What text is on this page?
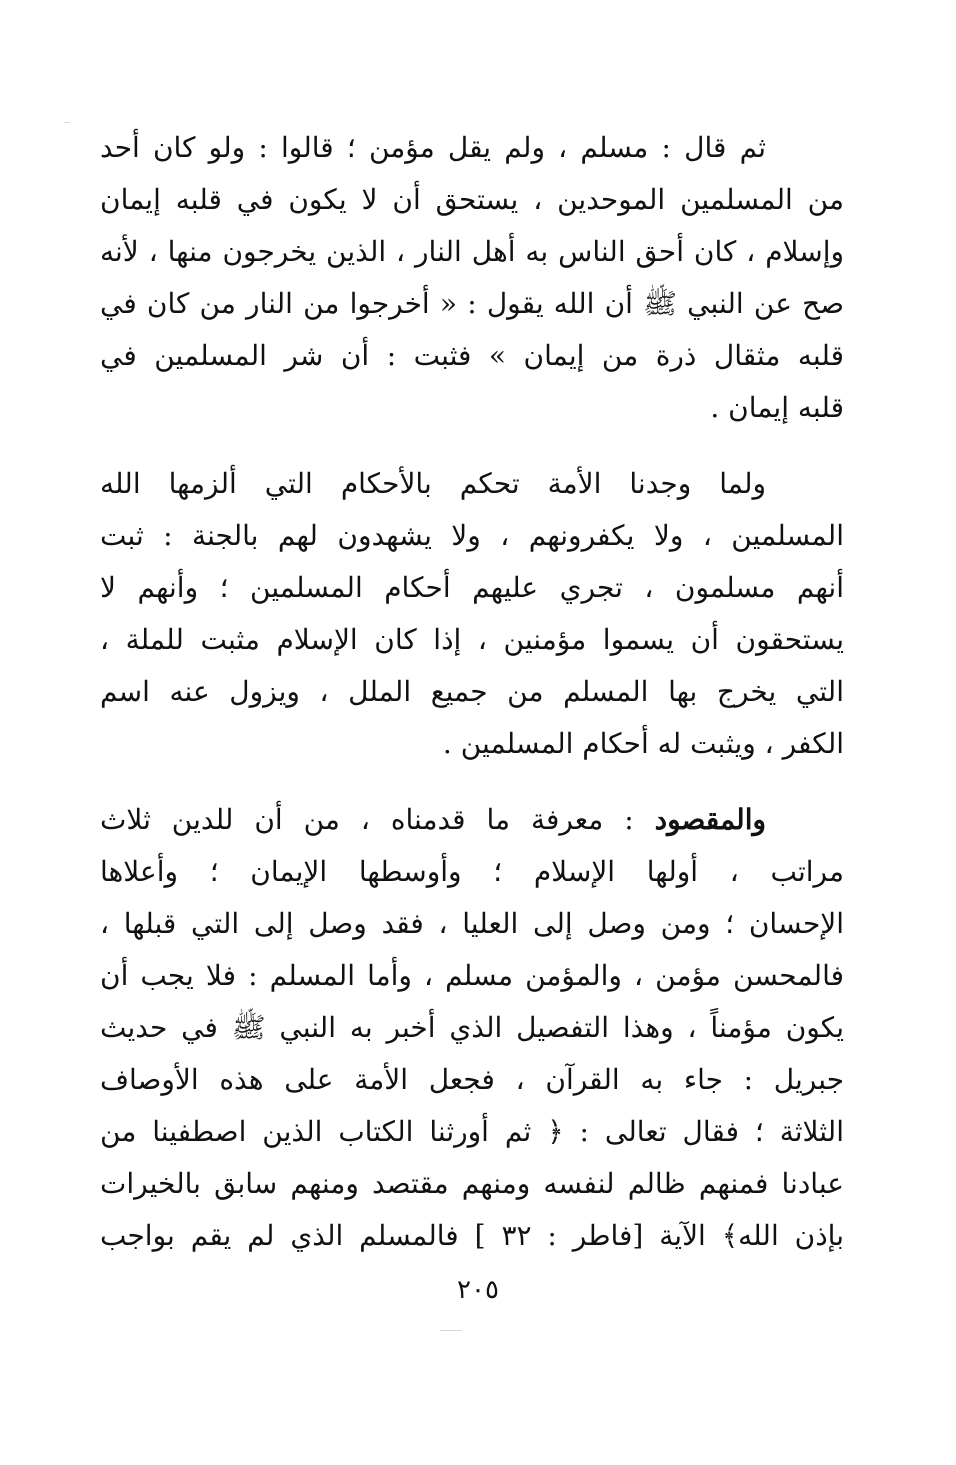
ثم قال : مسلم ، ولم يقل مؤمن ؛ قالوا : ولو كان أحد
من المسلمين الموحدين ، يستحق أن لا يكون في قلبه إيمان
وإسلام ، كان أحق الناس به أهل النار ، الذين يخرجون منها ، لأنه
صح عن النبي ﷺ أن الله يقول : « أخرجوا من النار من كان في
قلبه مثقال ذرة من إيمان » فثبت : أن شر المسلمين في
قلبه إيمان .
ولما وجدنا الأمة تحكم بالأحكام التي ألزمها الله
المسلمين ، ولا يكفرونهم ، ولا يشهدون لهم بالجنة : ثبت
أنهم مسلمون ، تجري عليهم أحكام المسلمين ؛ وأنهم لا
يستحقون أن يسموا مؤمنين ، إذا كان الإسلام مثبت للملة ،
التي يخرج بها المسلم من جميع الملل ، ويزول عنه اسم
الكفر ، ويثبت له أحكام المسلمين .
والمقصود : معرفة ما قدمناه ، من أن للدين ثلاث
مراتب ، أولها الإسلام ؛ وأوسطها الإيمان ؛ وأعلاها
الإحسان ؛ ومن وصل إلى العليا ، فقد وصل إلى التي قبلها ،
فالمحسن مؤمن ، والمؤمن مسلم ، وأما المسلم : فلا يجب أن
يكون مؤمناً ، وهذا التفصيل الذي أخبر به النبي ﷺ في حديث
جبريل : جاء به القرآن ، فجعل الأمة على هذه الأوصاف
الثلاثة ؛ فقال تعالى : ﴿ ثم أورثنا الكتاب الذين اصطفينا من
عبادنا فمنهم ظالم لنفسه ومنهم مقتصد ومنهم سابق بالخيرات
بإذن الله﴾ الآية [فاطر : ٣٢ ] فالمسلم الذي لم يقم بواجب
٢٠٥
